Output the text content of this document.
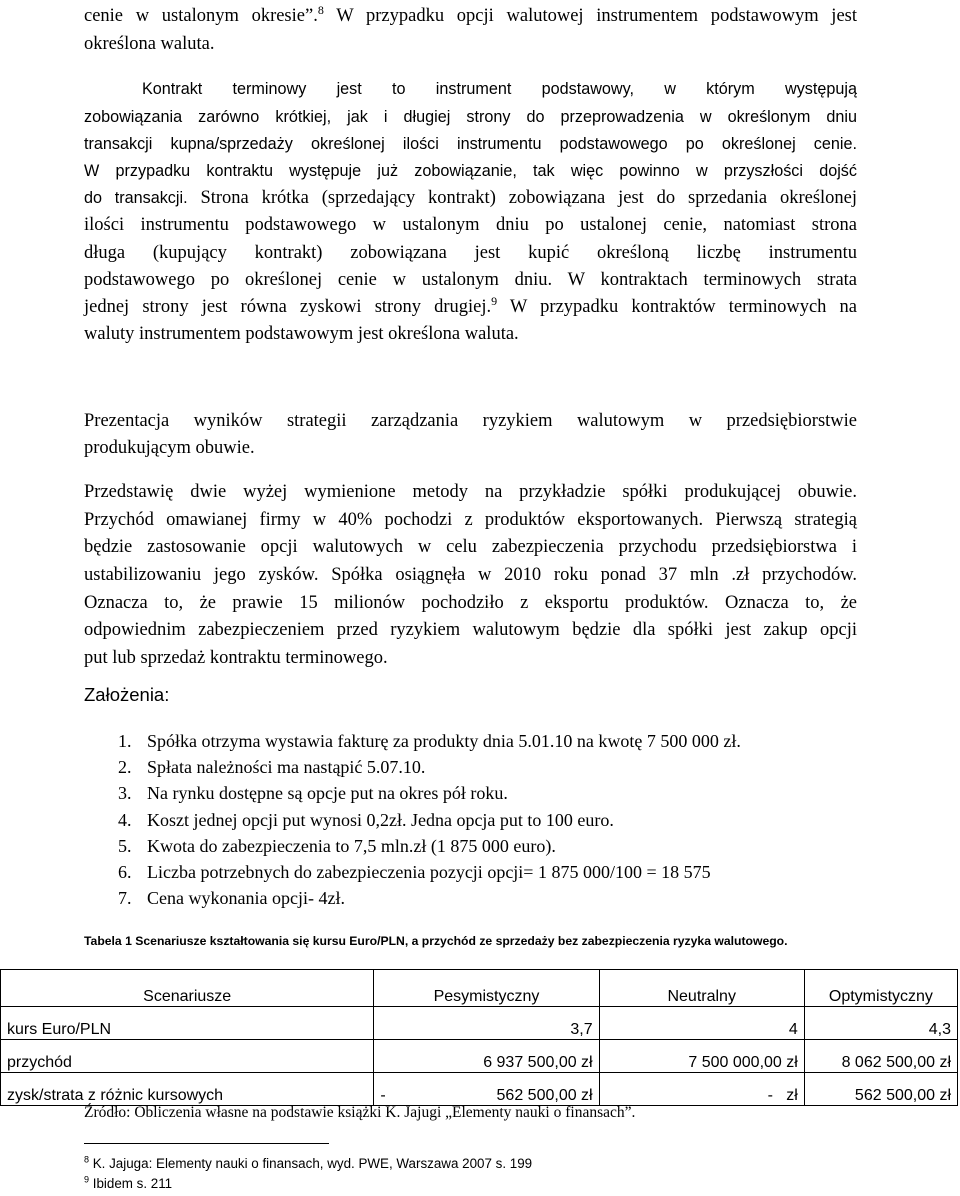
cenie w ustalonym okresie”.$^8$ W przypadku opcji walutowej instrumentem podstawowym jest
określona waluta.
Kontrakt terminowy jest to instrument podstawowy, w którym występują
zobowiązania zarówno krótkiej, jak i długiej strony do przeprowadzenia w określonym dniu
transakcji kupna/sprzedaży określonej ilości instrumentu podstawowego po określonej cenie.
W przypadku kontraktu występuje już zobowiązanie, tak więc powinno w przyszłości dojść
do transakcji. Strona krótka (sprzedający kontrakt) zobowiązana jest do sprzedania określonej
ilości instrumentu podstawowego w ustalonym dniu po ustalonej cenie, natomiast strona
długa (kupujący kontrakt) zobowiązana jest kupić określoną liczbę instrumentu
podstawowego po określonej cenie w ustalonym dniu. W kontraktach terminowych strata
jednej strony jest równa zyskowi strony drugiej.$^9$ W przypadku kontraktów terminowych na
waluty instrumentem podstawowym jest określona waluta.
Prezentacja wyników strategii zarządzania ryzykiem walutowym w przedsiębiorstwie
produkującym obuwie.
Przedstawię dwie wyżej wymienione metody na przykładzie spółki produkującej obuwie.
Przychód omawianej firmy w 40% pochodzi z produktów eksportowanych. Pierwszą strategią
będzie zastosowanie opcji walutowych w celu zabezpieczenia przychodu przedsiębiorstwa i
ustabilizowaniu jego zysków. Spółka osiągnęła w 2010 roku ponad 37 mln .zł przychodów.
Oznacza to, że prawie 15 milionów pochodziło z eksportu produktów. Oznacza to, że
odpowiednim zabezpieczeniem przed ryzykiem walutowym będzie dla spółki jest zakup opcji
put lub sprzedaż kontraktu terminowego.
Założenia:
1. Spółka otrzyma wystawia fakturę za produkty dnia 5.01.10 na kwotę 7 500 000 zł.
2. Spłata należności ma nastąpić 5.07.10.
3. Na rynku dostępne są opcje put na okres pół roku.
4. Koszt jednej opcji put wynosi 0,2zł. Jedna opcja put to 100 euro.
5. Kwota do zabezpieczenia to 7,5 mln.zł (1 875 000 euro).
6. Liczba potrzebnych do zabezpieczenia pozycji opcji= 1 875 000/100 = 18 575
7. Cena wykonania opcji- 4zł.
Tabela 1 Scenariusze kształtowania się kursu Euro/PLN, a przychód ze sprzedaży bez zabezpieczenia ryzyka walutowego.
Scenariusze	Pesymistyczny	Neutralny	Optymistyczny
kurs Euro/PLN	3,7	4	4,3
przychód	6 937 500,00 zł	7 500 000,00 zł	8 062 500,00 zł
zysk/strata z różnic kursowych	- 562 500,00 zł	- zł	562 500,00 zł
Źródło: Obliczenia własne na podstawie książki K. Jajugi „Elementy nauki o finansach”.
$^8$ K. Jajuga: Elementy nauki o finansach, wyd. PWE, Warszawa 2007 s. 199
$^9$ Ibidem s. 211
